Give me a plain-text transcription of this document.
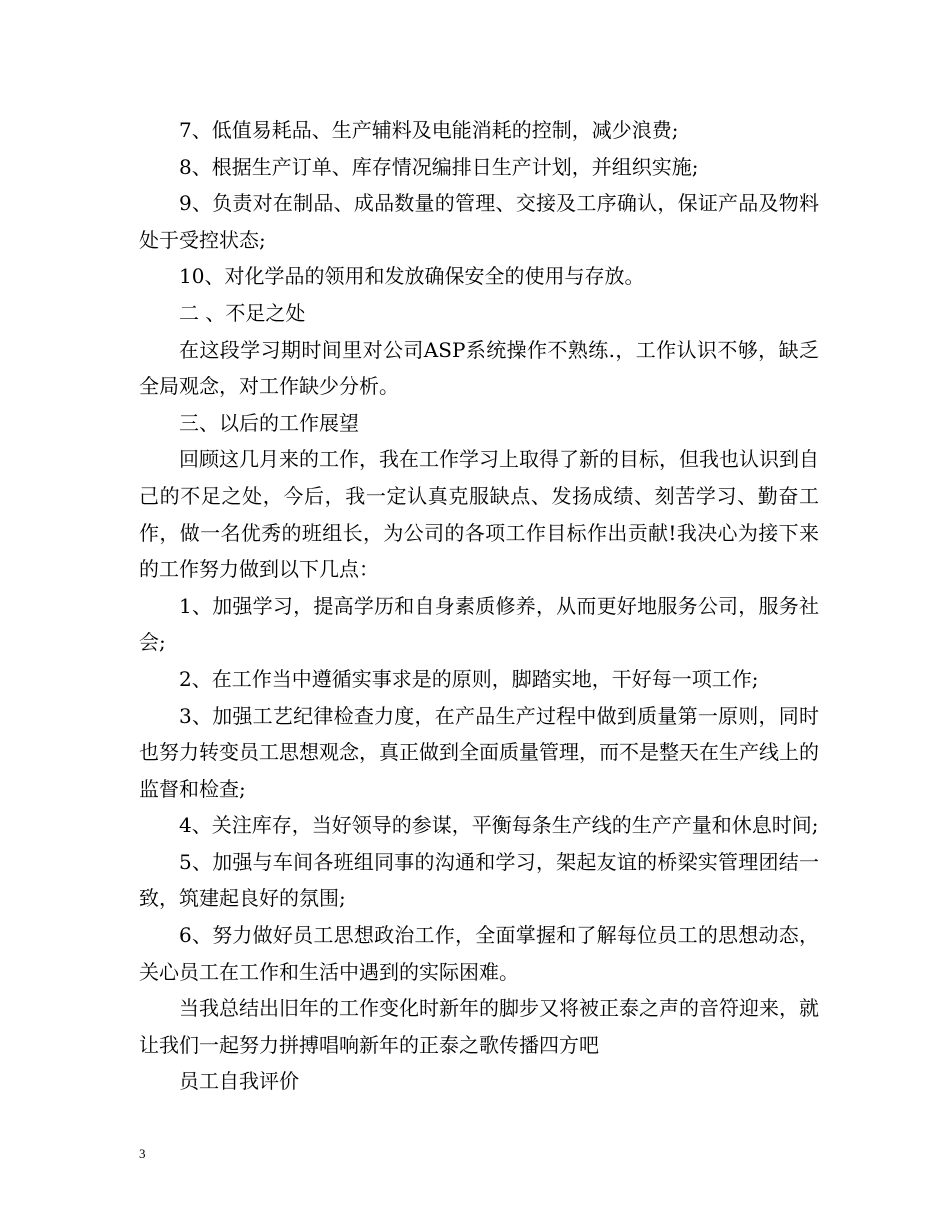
7、低值易耗品、生产辅料及电能消耗的控制，减少浪费;

8、根据生产订单、库存情况编排日生产计划，并组织实施;

9、负责对在制品、成品数量的管理、交接及工序确认，保证产品及物料处于受控状态;

10、对化学品的领用和发放确保安全的使用与存放。

二 、不足之处

在这段学习期时间里对公司ASP系统操作不熟练.，工作认识不够，缺乏全局观念，对工作缺少分析。

三、以后的工作展望

回顾这几月来的工作，我在工作学习上取得了新的目标，但我也认识到自己的不足之处，今后，我一定认真克服缺点、发扬成绩、刻苦学习、勤奋工作，做一名优秀的班组长，为公司的各项工作目标作出贡献!我决心为接下来的工作努力做到以下几点：

1、加强学习，提高学历和自身素质修养，从而更好地服务公司，服务社会;

2、在工作当中遵循实事求是的原则，脚踏实地，干好每一项工作;

3、加强工艺纪律检查力度，在产品生产过程中做到质量第一原则，同时也努力转变员工思想观念，真正做到全面质量管理，而不是整天在生产线上的监督和检查;

4、关注库存，当好领导的参谋，平衡每条生产线的生产产量和休息时间;

5、加强与车间各班组同事的沟通和学习，架起友谊的桥梁实管理团结一致，筑建起良好的氛围;

6、努力做好员工思想政治工作，全面掌握和了解每位员工的思想动态，关心员工在工作和生活中遇到的实际困难。

当我总结出旧年的工作变化时新年的脚步又将被正泰之声的音符迎来，就让我们一起努力拼搏唱响新年的正泰之歌传播四方吧

员工自我评价

3
